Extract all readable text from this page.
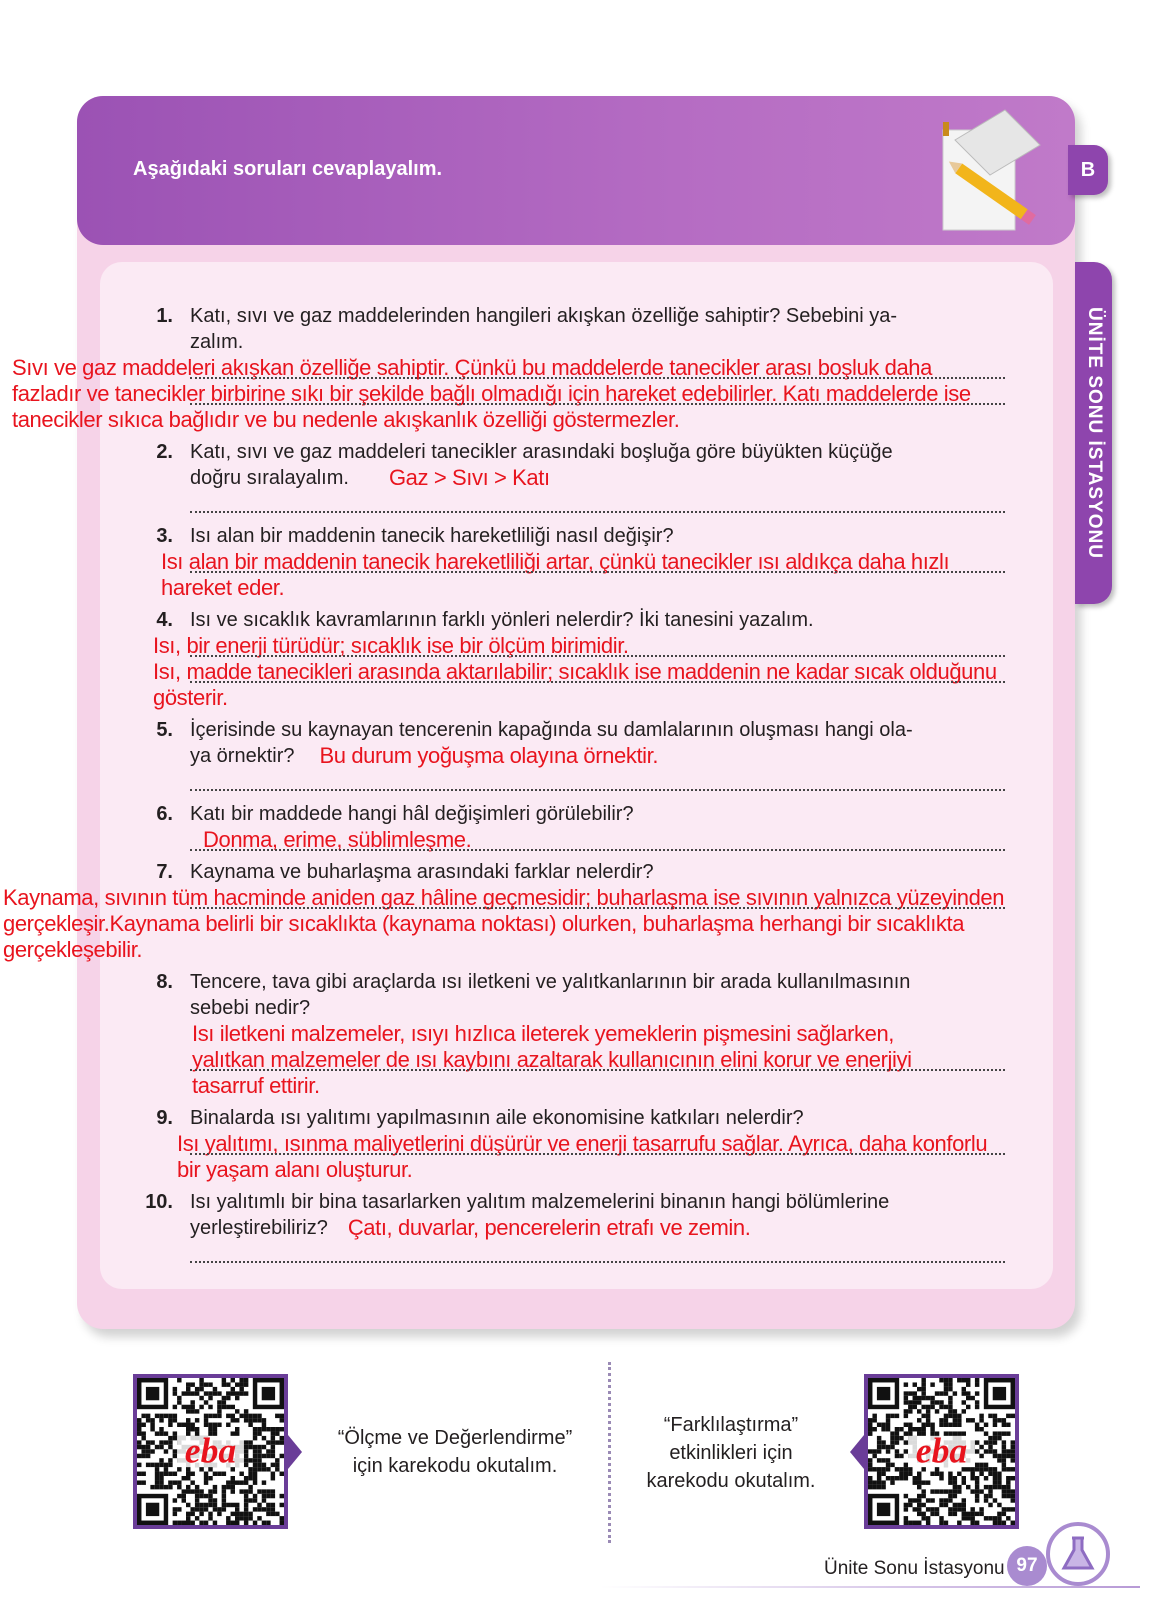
Aşağıdaki soruları cevaplayalım.	B
ÜNİTE SONU İSTASYONU
1. Katı, sıvı ve gaz maddelerinden hangileri akışkan özelliğe sahiptir? Sebebini ya-
zalım.
Sıvı ve gaz maddeleri akışkan özelliğe sahiptir. Çünkü bu maddelerde tanecikler arası boşluk daha
fazladır ve tanecikler birbirine sıkı bir şekilde bağlı olmadığı için hareket edebilirler. Katı maddelerde ise
tanecikler sıkıca bağlıdır ve bu nedenle akışkanlık özelliği göstermezler.
2. Katı, sıvı ve gaz maddeleri tanecikler arasındaki boşluğa göre büyükten küçüğe
doğru sıralayalım. Gaz > Sıvı > Katı
3. Isı alan bir maddenin tanecik hareketliliği nasıl değişir?
Isı alan bir maddenin tanecik hareketliliği artar, çünkü tanecikler ısı aldıkça daha hızlı
hareket eder.
4. Isı ve sıcaklık kavramlarının farklı yönleri nelerdir? İki tanesini yazalım.
Isı, bir enerji türüdür; sıcaklık ise bir ölçüm birimidir.
Isı, madde tanecikleri arasında aktarılabilir; sıcaklık ise maddenin ne kadar sıcak olduğunu
gösterir.
5. İçerisinde su kaynayan tencerenin kapağında su damlalarının oluşması hangi ola-
ya örnektir? Bu durum yoğuşma olayına örnektir.
6. Katı bir maddede hangi hâl değişimleri görülebilir?
Donma, erime, süblimleşme.
7. Kaynama ve buharlaşma arasındaki farklar nelerdir?
Kaynama, sıvının tüm hacminde aniden gaz hâline geçmesidir; buharlaşma ise sıvının yalnızca yüzeyinden
gerçekleşir.Kaynama belirli bir sıcaklıkta (kaynama noktası) olurken, buharlaşma herhangi bir sıcaklıkta
gerçekleşebilir.
8. Tencere, tava gibi araçlarda ısı iletkeni ve yalıtkanlarının bir arada kullanılmasının
sebebi nedir?
Isı iletkeni malzemeler, ısıyı hızlıca ileterek yemeklerin pişmesini sağlarken,
yalıtkan malzemeler de ısı kaybını azaltarak kullanıcının elini korur ve enerjiyi
tasarruf ettirir.
9. Binalarda ısı yalıtımı yapılmasının aile ekonomisine katkıları nelerdir?
Isı yalıtımı, ısınma maliyetlerini düşürür ve enerji tasarrufu sağlar. Ayrıca, daha konforlu
bir yaşam alanı oluşturur.
10. Isı yalıtımlı bir bina tasarlarken yalıtım malzemelerini binanın hangi bölümlerine
yerleştirebiliriz? Çatı, duvarlar, pencerelerin etrafı ve zemin.
eba	“Ölçme ve Değerlendirme”
için karekodu okutalım.
“Farklılaştırma”
etkinlikleri için
karekodu okutalım.
eba
Ünite Sonu İstasyonu 97
